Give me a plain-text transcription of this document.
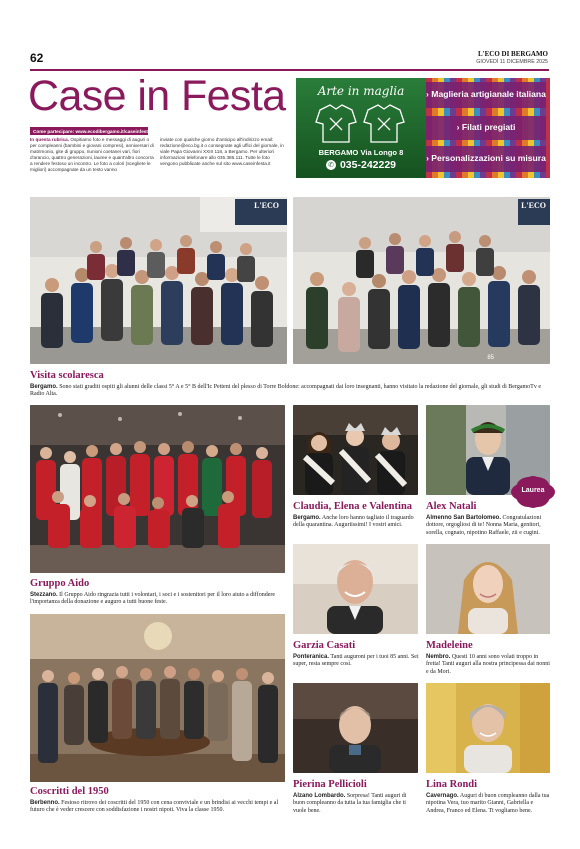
62	L'ECO DI BERGAMO
GIOVEDÌ 11 DICEMBRE 2025
Case in Festa
Come partecipare: www.ecodibergamo.it/caseinfesta
In questa rubrica. Ospitiamo foto e messaggi di auguri o per compleanni (bambini e giovani compresi), anniversari di matrimonio, gite di gruppo, riunioni coetanei vari, fiori d'arancio, quattro generazioni, lauree e quant'altro concorra a rendere festoso un incontro. Le foto a colori (scegliete le migliori) accompagnate da un testo vanno
inviate con qualche giorno d'anticipo all'indirizzo email: redazione@eco.bg.it o consegnate agli uffici del giornale, in viale Papa Giovanni XXIII 118, a Bergamo. Per ulteriori informazioni telefonare allo 035.386.111. Tutte le foto vengono pubblicate anche sul sito www.caseinfesta.it
Arte in maglia
BERGAMO Via Longo 8
✆ 035-242229
› Maglieria artigianale italiana
› Filati pregiati
› Personalizzazioni su misura
L'ECO	L'ECO
85
Visita scolaresca
Bergamo. Sono stati graditi ospiti gli alunni delle classi 5° A e 5° B dell'Ic Petteni del plesso di Torre Boldone: accompagnati dai loro insegnanti, hanno visitato la redazione del giornale, gli studi di BergamoTv e Radio Alta.
Gruppo Aido
Stezzano. Il Gruppo Aido ringrazia tutti i volontari, i soci e i sostenitori per il loro aiuto a diffondere l'importanza della donazione e auguro a tutti buone feste.
Coscritti del 1950
Berbenno. Festoso ritrovo dei coscritti del 1950 con cena conviviale e un brindisi ai vecchi tempi e al futuro che è veder crescere con soddisfazione i nostri nipoti. Viva la classe 1950.
Claudia, Elena e Valentina
Bergamo. Anche loro hanno tagliato il traguardo della quarantina. Auguriissimi! I vostri amici.
Laurea
Alex Natali
Almenno San Bartolomeo. Congratulazioni dottore, orgogliosi di te! Nonna Maria, genitori, sorella, cognato, nipotino Raffaele, zii e cugini.
Garzia Casati
Ponteranica. Tanti auguroni per i tuoi 85 anni. Sei super, resta sempre così.
Madeleine
Nembro. Questi 10 anni sono volati troppo in fretta! Tanti auguri alla nostra principessa dai nonni e da Mori.
Pierina Pellicioli
Alzano Lombardo. Sorpresa! Tanti auguri di buon compleanno da tutta la tua famiglia che ti vuole bene.
Lina Rondi
Cavernago. Auguri di buon compleanno dalla tua nipotina Vera, tuo marito Gianni, Gabriella e Andrea, Franco ed Elena. Ti vogliamo bene.
